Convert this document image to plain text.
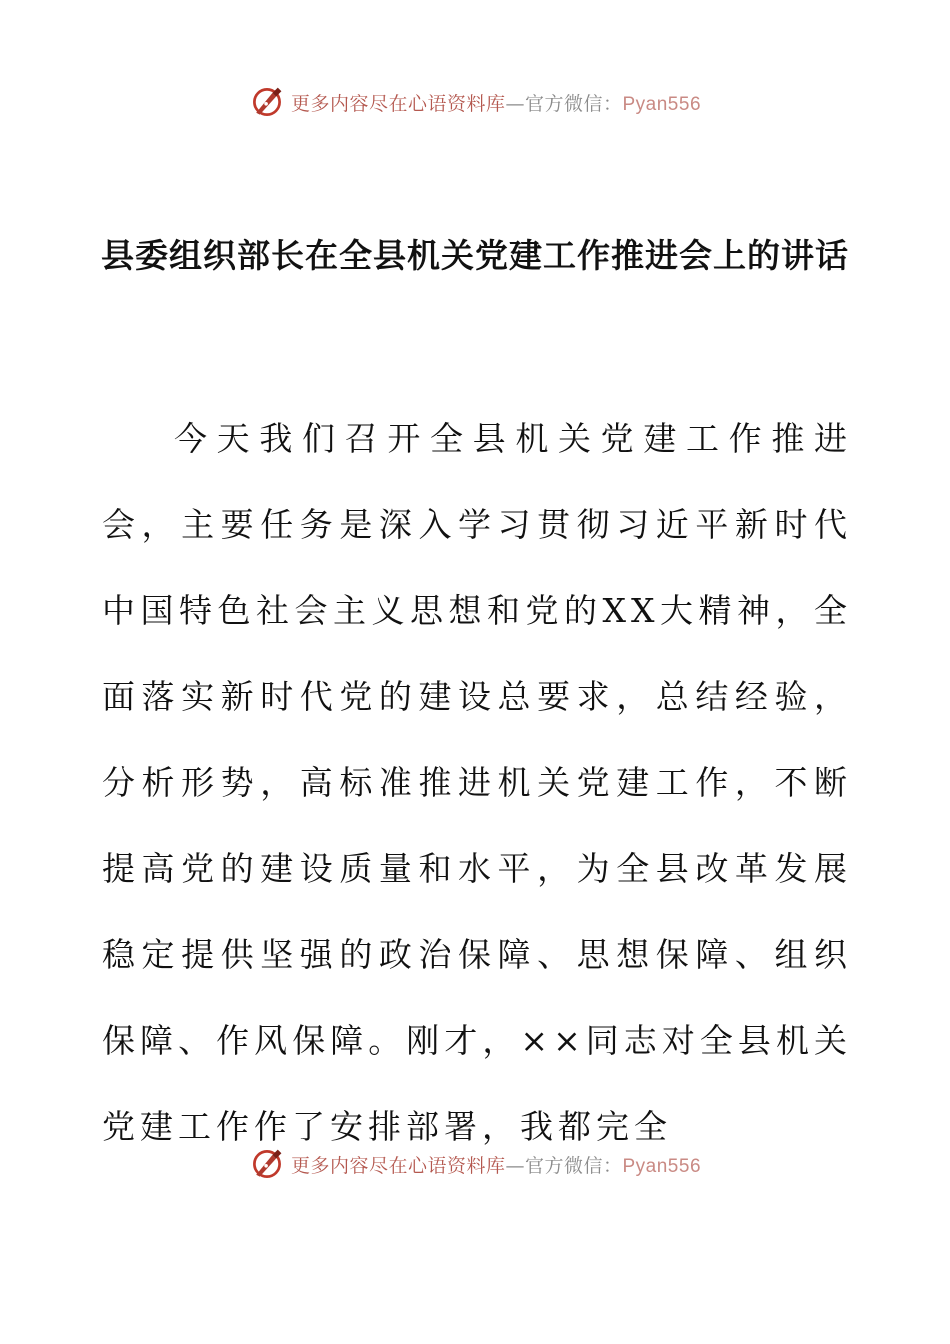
更多内容尽在心语资料库—官方微信：Pyan556
县委组织部长在全县机关党建工作推进会上的讲话

今天我们召开全县机关党建工作推进会，主要任务是深入学习贯彻习近平新时代中国特色社会主义思想和党的XX大精神，全面落实新时代党的建设总要求，总结经验，分析形势，高标准推进机关党建工作，不断提高党的建设质量和水平，为全县改革发展稳定提供坚强的政治保障、思想保障、组织保障、作风保障。刚才，××同志对全县机关党建工作作了安排部署，我都完全

更多内容尽在心语资料库—官方微信：Pyan556
